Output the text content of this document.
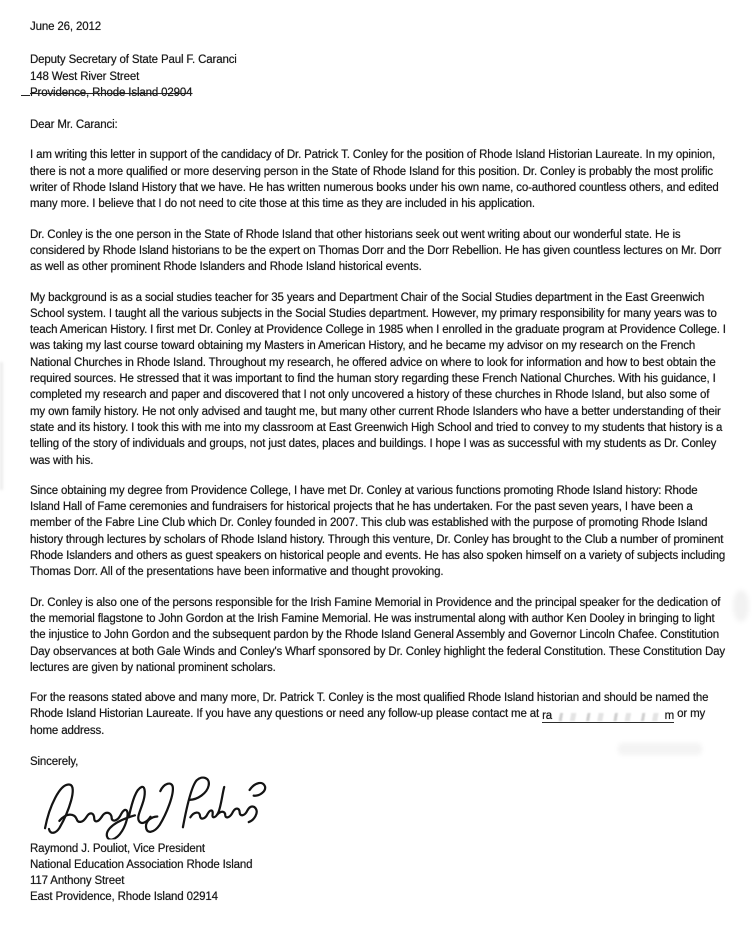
June 26, 2012
Deputy Secretary of State Paul F. Caranci
148 West River Street
Providence, Rhode Island 02904
Dear Mr. Caranci:

I am writing this letter in support of the candidacy of Dr. Patrick T. Conley for the position of Rhode Island Historian Laureate. In my opinion, there is not a more qualified or more deserving person in the State of Rhode Island for this position. Dr. Conley is probably the most prolific writer of Rhode Island History that we have. He has written numerous books under his own name, co-authored countless others, and edited many more. I believe that I do not need to cite those at this time as they are included in his application.

Dr. Conley is the one person in the State of Rhode Island that other historians seek out went writing about our wonderful state. He is considered by Rhode Island historians to be the expert on Thomas Dorr and the Dorr Rebellion. He has given countless lectures on Mr. Dorr as well as other prominent Rhode Islanders and Rhode Island historical events.

My background is as a social studies teacher for 35 years and Department Chair of the Social Studies department in the East Greenwich School system. I taught all the various subjects in the Social Studies department. However, my primary responsibility for many years was to teach American History. I first met Dr. Conley at Providence College in 1985 when I enrolled in the graduate program at Providence College. I was taking my last course toward obtaining my Masters in American History, and he became my advisor on my research on the French National Churches in Rhode Island. Throughout my research, he offered advice on where to look for information and how to best obtain the required sources. He stressed that it was important to find the human story regarding these French National Churches. With his guidance, I completed my research and paper and discovered that I not only uncovered a history of these churches in Rhode Island, but also some of my own family history. He not only advised and taught me, but many other current Rhode Islanders who have a better understanding of their state and its history. I took this with me into my classroom at East Greenwich High School and tried to convey to my students that history is a telling of the story of individuals and groups, not just dates, places and buildings. I hope I was as successful with my students as Dr. Conley was with his.

Since obtaining my degree from Providence College, I have met Dr. Conley at various functions promoting Rhode Island history: Rhode Island Hall of Fame ceremonies and fundraisers for historical projects that he has undertaken. For the past seven years, I have been a member of the Fabre Line Club which Dr. Conley founded in 2007. This club was established with the purpose of promoting Rhode Island history through lectures by scholars of Rhode Island history. Through this venture, Dr. Conley has brought to the Club a number of prominent Rhode Islanders and others as guest speakers on historical people and events. He has also spoken himself on a variety of subjects including Thomas Dorr. All of the presentations have been informative and thought provoking.

Dr. Conley is also one of the persons responsible for the Irish Famine Memorial in Providence and the principal speaker for the dedication of the memorial flagstone to John Gordon at the Irish Famine Memorial. He was instrumental along with author Ken Dooley in bringing to light the injustice to John Gordon and the subsequent pardon by the Rhode Island General Assembly and Governor Lincoln Chafee. Constitution Day observances at both Gale Winds and Conley's Wharf sponsored by Dr. Conley highlight the federal Constitution. These Constitution Day lectures are given by national prominent scholars.

For the reasons stated above and many more, Dr. Patrick T. Conley is the most qualified Rhode Island historian and should be named the Rhode Island Historian Laureate. If you have any questions or need any follow-up please contact me at ra	m or my home address.

Sincerely,
Raymond J. Pouliot, Vice President
National Education Association Rhode Island
117 Anthony Street
East Providence, Rhode Island 02914
